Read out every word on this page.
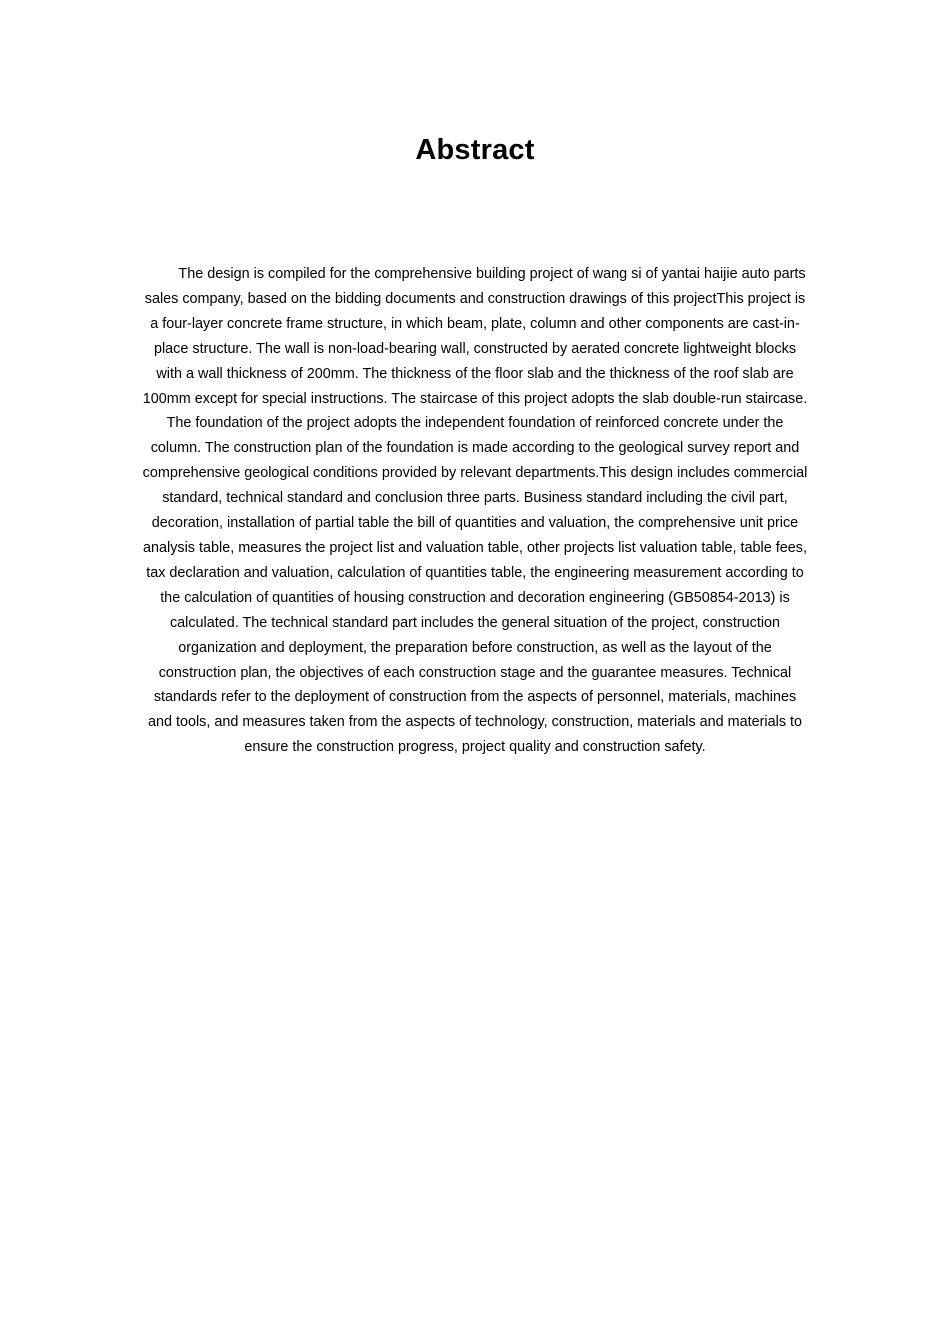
Abstract

The design is compiled for the comprehensive building project of wang si of yantai haijie auto parts sales company, based on the bidding documents and construction drawings of this projectThis project is a four-layer concrete frame structure, in which beam, plate, column and other components are cast-in-place structure. The wall is non-load-bearing wall, constructed by aerated concrete lightweight blocks with a wall thickness of 200mm. The thickness of the floor slab and the thickness of the roof slab are 100mm except for special instructions. The staircase of this project adopts the slab double-run staircase. The foundation of the project adopts the independent foundation of reinforced concrete under the column. The construction plan of the foundation is made according to the geological survey report and comprehensive geological conditions provided by relevant departments.This design includes commercial standard, technical standard and conclusion three parts. Business standard including the civil part, decoration, installation of partial table the bill of quantities and valuation, the comprehensive unit price analysis table, measures the project list and valuation table, other projects list valuation table, table fees, tax declaration and valuation, calculation of quantities table, the engineering measurement according to the calculation of quantities of housing construction and decoration engineering (GB50854-2013) is calculated. The technical standard part includes the general situation of the project, construction organization and deployment, the preparation before construction, as well as the layout of the construction plan, the objectives of each construction stage and the guarantee measures. Technical standards refer to the deployment of construction from the aspects of personnel, materials, machines and tools, and measures taken from the aspects of technology, construction, materials and materials to ensure the construction progress, project quality and construction safety.
